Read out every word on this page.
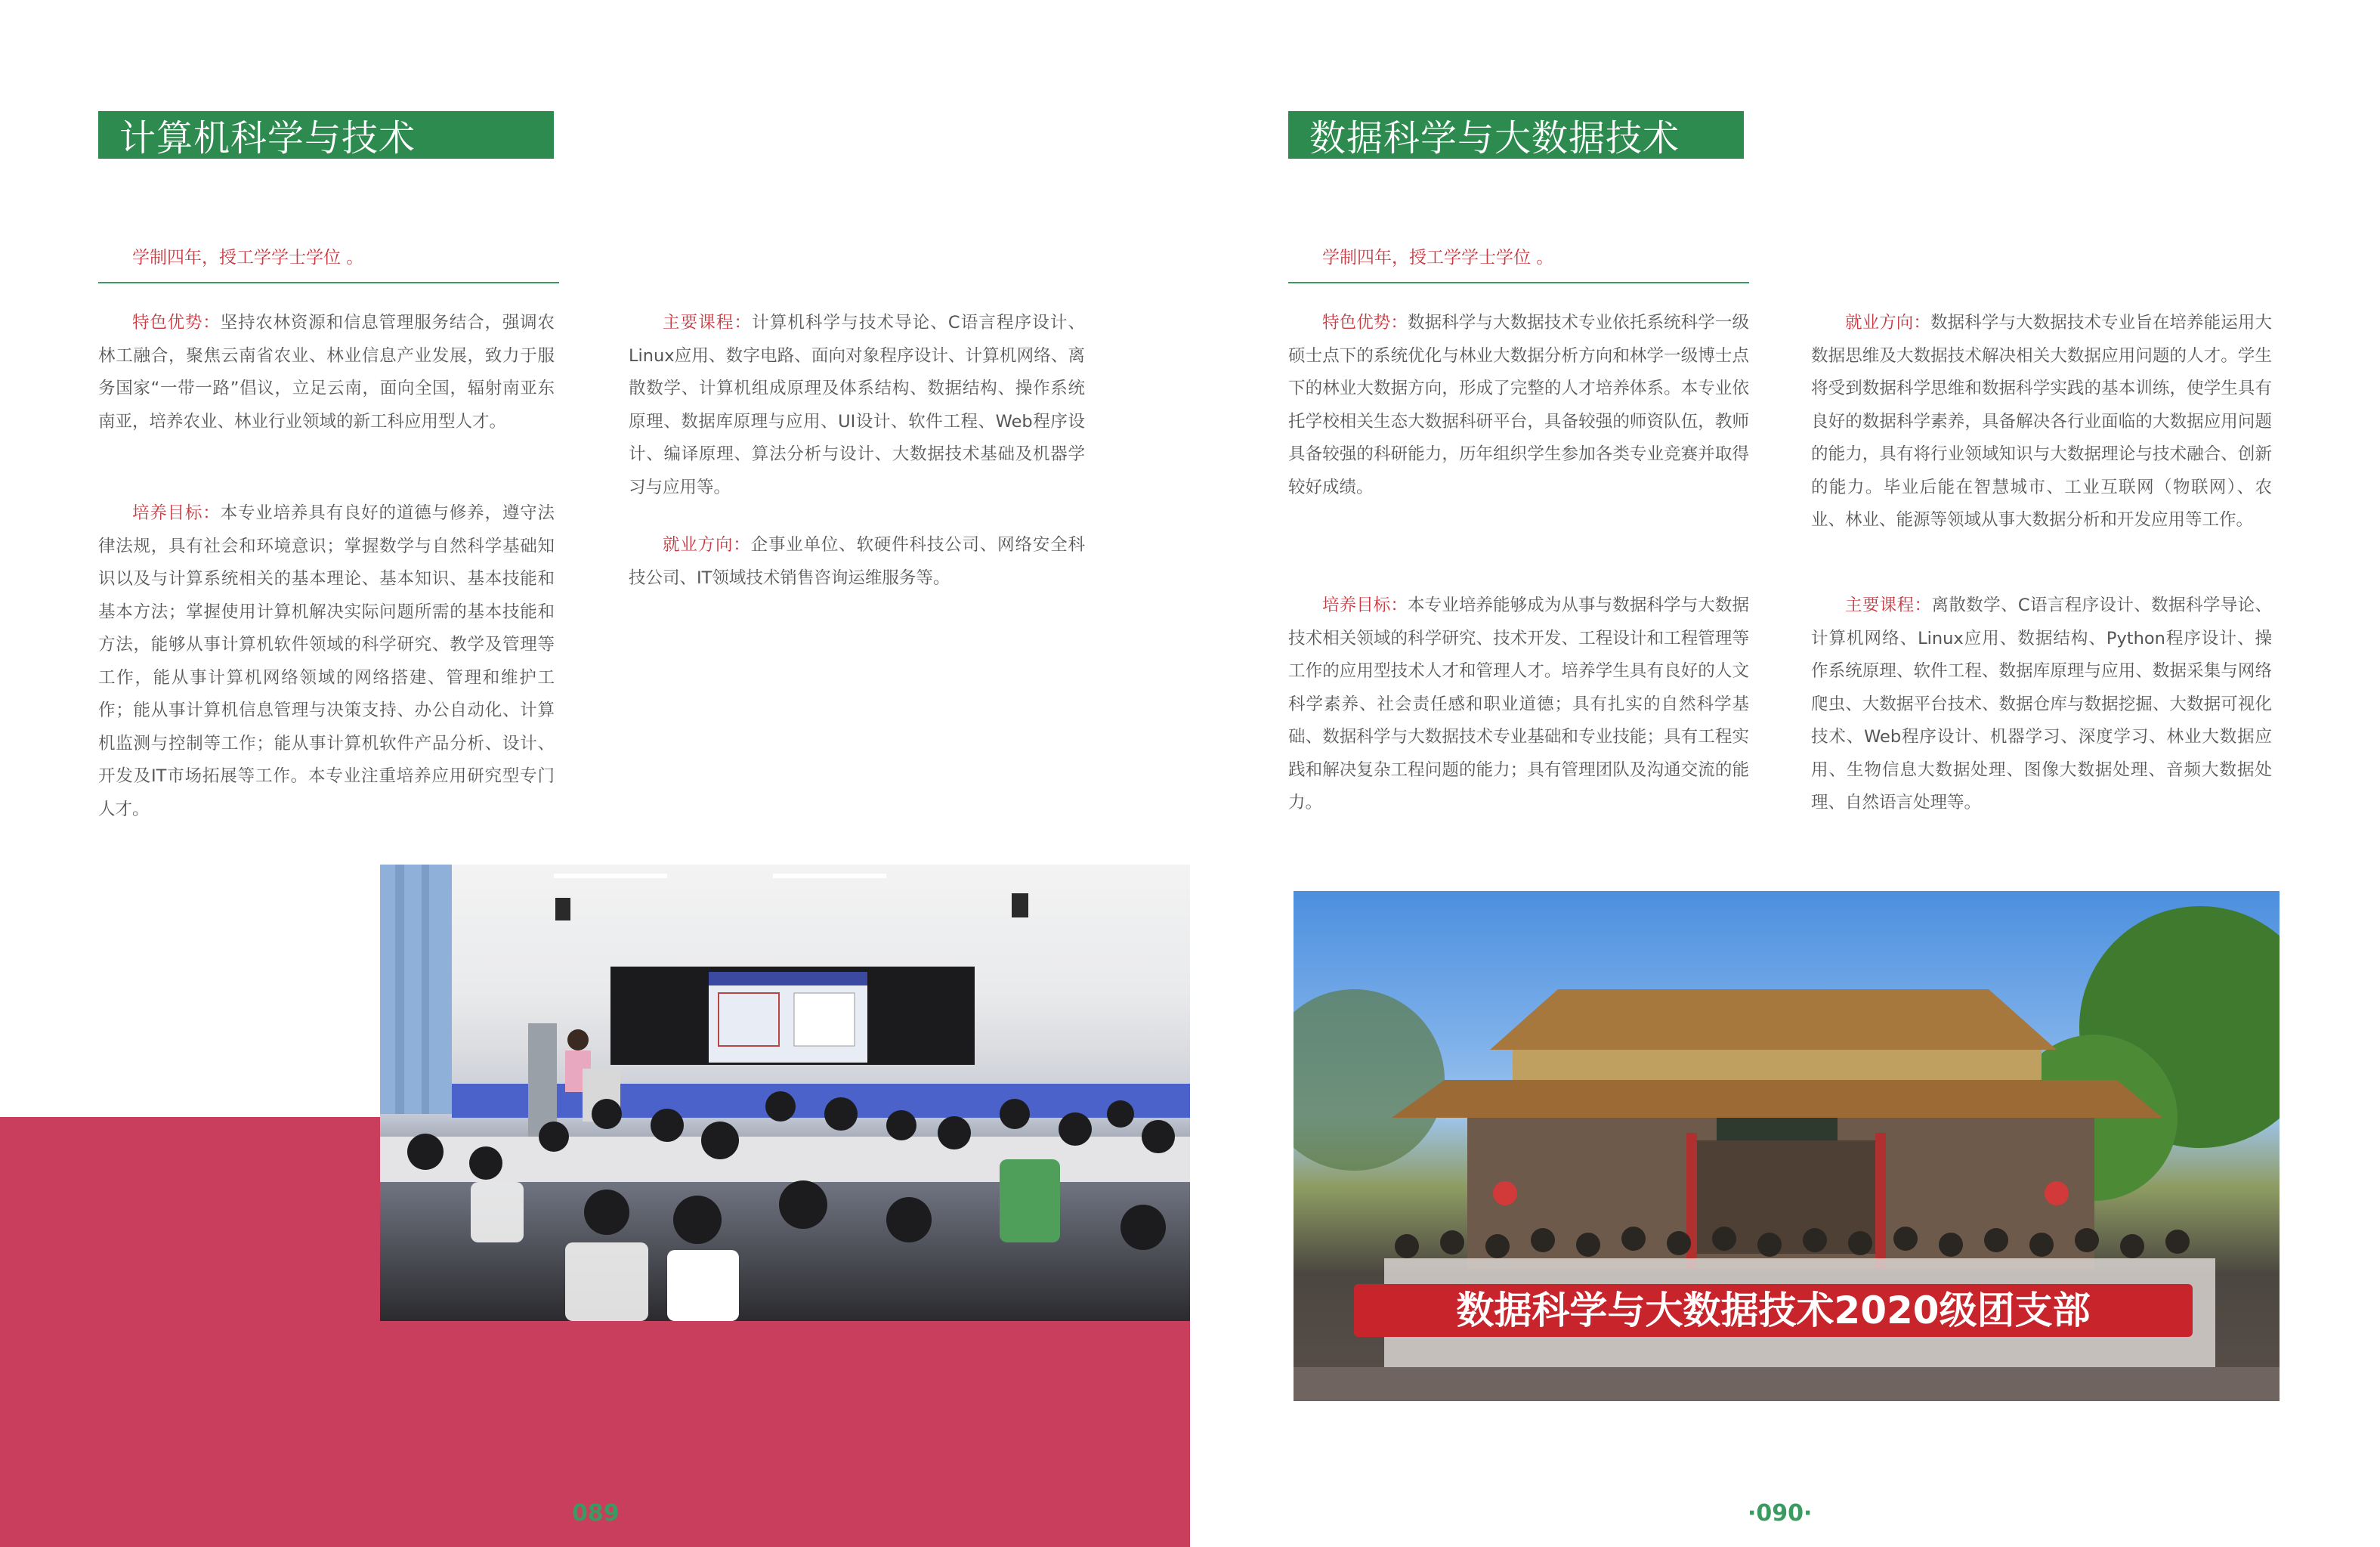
计算机科学与技术
学制四年，授工学学士学位 。

特色优势：坚持农林资源和信息管理服务结合，强调农林工融合，聚焦云南省农业、林业信息产业发展，致力于服务国家“一带一路”倡议，立足云南，面向全国，辐射南亚东南亚，培养农业、林业行业领域的新工科应用型人才。

培养目标：本专业培养具有良好的道德与修养，遵守法律法规，具有社会和环境意识；掌握数学与自然科学基础知识以及与计算系统相关的基本理论、基本知识、基本技能和基本方法；掌握使用计算机解决实际问题所需的基本技能和方法，能够从事计算机软件领域的科学研究、教学及管理等工作，能从事计算机网络领域的网络搭建、管理和维护工作；能从事计算机信息管理与决策支持、办公自动化、计算机监测与控制等工作；能从事计算机软件产品分析、设计、开发及IT市场拓展等工作。本专业注重培养应用研究型专门人才。

主要课程：计算机科学与技术导论、C语言程序设计、Linux应用、数字电路、面向对象程序设计、计算机网络、离散数学、计算机组成原理及体系结构、数据结构、操作系统原理、数据库原理与应用、UI设计、软件工程、Web程序设计、编译原理、算法分析与设计、大数据技术基础及机器学习与应用等。

就业方向：企事业单位、软硬件科技公司、网络安全科技公司、IT领域技术销售咨询运维服务等。

089
数据科学与大数据技术
学制四年，授工学学士学位 。

特色优势：数据科学与大数据技术专业依托系统科学一级硕士点下的系统优化与林业大数据分析方向和林学一级博士点下的林业大数据方向，形成了完整的人才培养体系。本专业依托学校相关生态大数据科研平台，具备较强的师资队伍，教师具备较强的科研能力，历年组织学生参加各类专业竞赛并取得较好成绩。

培养目标：本专业培养能够成为从事与数据科学与大数据技术相关领域的科学研究、技术开发、工程设计和工程管理等工作的应用型技术人才和管理人才。培养学生具有良好的人文科学素养、社会责任感和职业道德；具有扎实的自然科学基础、数据科学与大数据技术专业基础和专业技能；具有工程实践和解决复杂工程问题的能力；具有管理团队及沟通交流的能力。

就业方向：数据科学与大数据技术专业旨在培养能运用大数据思维及大数据技术解决相关大数据应用问题的人才。学生将受到数据科学思维和数据科学实践的基本训练，使学生具有良好的数据科学素养，具备解决各行业面临的大数据应用问题的能力，具有将行业领域知识与大数据理论与技术融合、创新的能力。毕业后能在智慧城市、工业互联网（物联网）、农业、林业、能源等领域从事大数据分析和开发应用等工作。

主要课程：离散数学、C语言程序设计、数据科学导论、计算机网络、Linux应用、数据结构、Python程序设计、操作系统原理、软件工程、数据库原理与应用、数据采集与网络爬虫、大数据平台技术、数据仓库与数据挖掘、大数据可视化技术、Web程序设计、机器学习、深度学习、林业大数据应用、生物信息大数据处理、图像大数据处理、音频大数据处理、自然语言处理等。

数据科学与大数据技术2020级团支部
·090·
